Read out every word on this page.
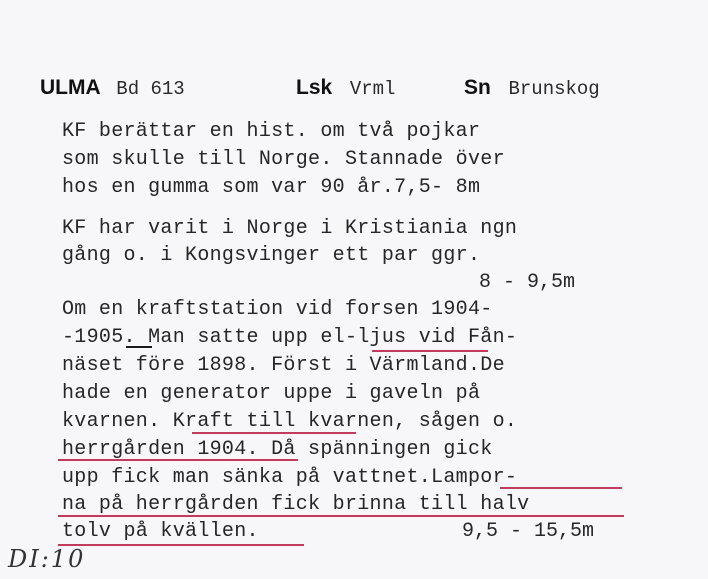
ULMA Bd 613	Lsk Vrml	Sn Brunskog
KF berättar en hist. om två pojkar
som skulle till Norge. Stannade över
hos en gumma som var 90 år.7,5- 8m
KF har varit i Norge i Kristiania ngn
gång o. i Kongsvinger ett par ggr.
8 - 9,5m
Om en kraftstation vid forsen 1904-
-1905. Man satte upp el-ljus vid Fån-
näset före 1898. Först i Värmland.De
hade en generator uppe i gaveln på
kvarnen. Kraft till kvarnen, sågen o.
herrgården 1904. Då spänningen gick
upp fick man sänka på vattnet.Lampor-
na på herrgården fick brinna till halv
tolv på kvällen.	9,5 - 15,5m
DI:10
